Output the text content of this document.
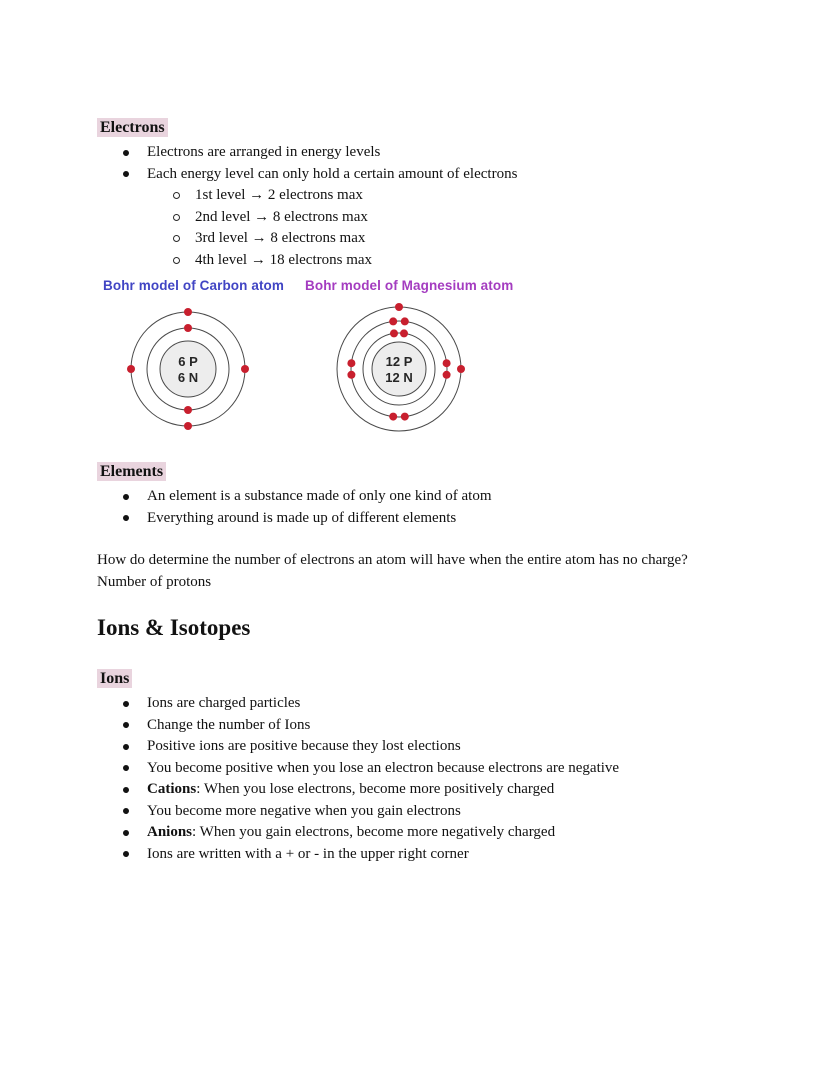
Electrons
Electrons are arranged in energy levels
Each energy level can only hold a certain amount of electrons
1st level → 2 electrons max
2nd level → 8 electrons max
3rd level → 8 electrons max
4th level → 18 electrons max
Bohr model of Carbon atom
6 P
6 N
Bohr model of Magnesium atom
12 P
12 N
Elements
An element is a substance made of only one kind of atom
Everything around is made up of different elements

How do determine the number of electrons an atom will have when the entire atom has no charge? Number of protons

Ions & Isotopes
Ions
Ions are charged particles
Change the number of Ions
Positive ions are positive because they lost elections
You become positive when you lose an electron because electrons are negative
Cations: When you lose electrons, become more positively charged
You become more negative when you gain electrons
Anions: When you gain electrons, become more negatively charged
Ions are written with a + or - in the upper right corner
